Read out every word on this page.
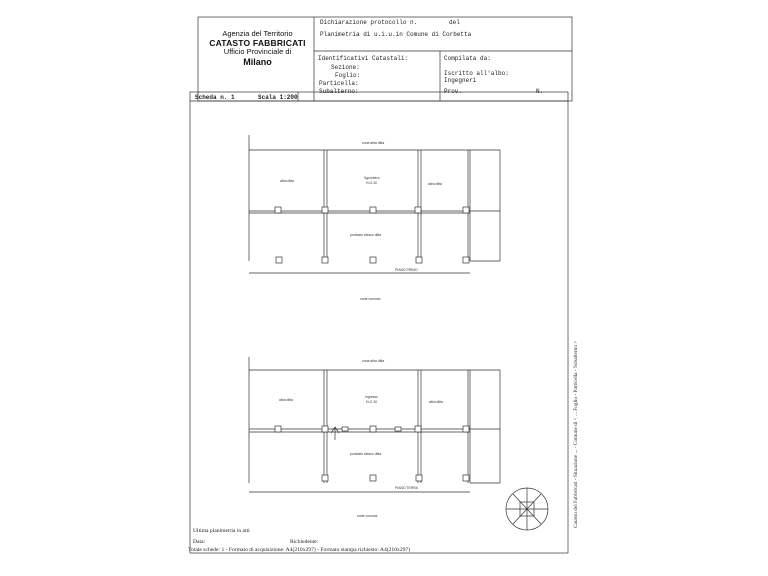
Agenzia del Territorio
CATASTO FABBRICATI
Ufficio Provinciale di
Milano
Dichiarazione protocollo n.	del
Planimetria di u.i.u.in Comune di Corbetta
Identificativi Catastali:
Sezione:
Foglio:
Particella:
Subalterno:
Compilata da:
Iscritto all'albo:
Ingegneri
Prov.	N.
Scheda n. 1	Scala 1:200
zona altra ditta
altra ditta
Sgombero
H=2.30	altra ditta
porticato stesso ditta
PIANO PRIMO
corte comune
zona altra ditta
altra ditta
Ingresso
H=2.30	altra ditta
porticato stesso ditta
PIANO TERRA
corte comune
Ultima planimetria in atti
Data:	Richiedente:
Totale schede: 1 - Formato di acquisizione: A4(210x297) - Formato stampa richiesto: A4(210x297)
Catasto dei Fabbricati - Situazione ... - Comune di < ... Foglio - Particella - Subalterno >
